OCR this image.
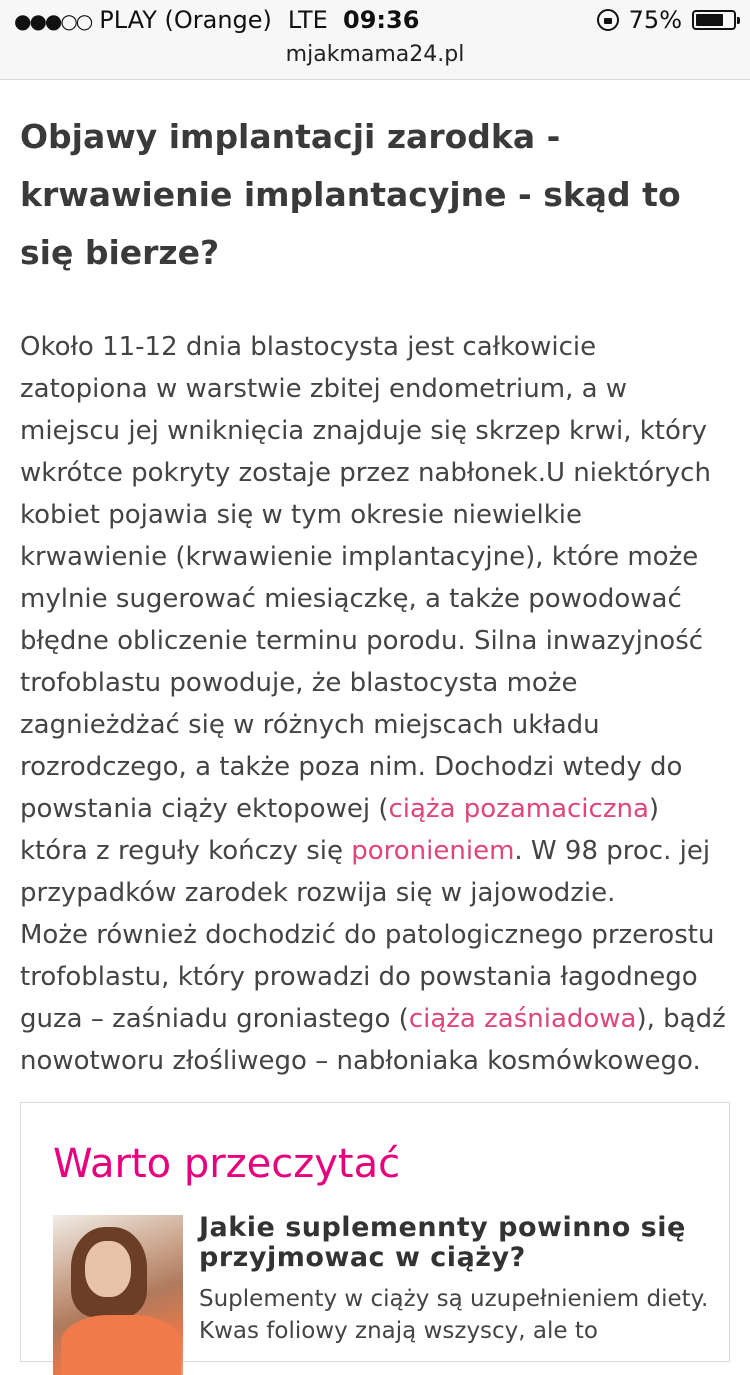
●●●○○ PLAY (Orange) LTE 09:36	75%
mjakmama24.pl
Objawy implantacji zarodka - krwawienie implantacyjne - skąd to się bierze?
Około 11-12 dnia blastocysta jest całkowicie zatopiona w warstwie zbitej endometrium, a w miejscu jej wniknięcia znajduje się skrzep krwi, który wkrótce pokryty zostaje przez nabłonek.U niektórych kobiet pojawia się w tym okresie niewielkie krwawienie (krwawienie implantacyjne), które może mylnie sugerować miesiączkę, a także powodować błędne obliczenie terminu porodu. Silna inwazyjność trofoblastu powoduje, że blastocysta może zagnieżdżać się w różnych miejscach układu rozrodczego, a także poza nim. Dochodzi wtedy do powstania ciąży ektopowej (ciąża pozamaciczna) która z reguły kończy się poronieniem. W 98 proc. jej przypadków zarodek rozwija się w jajowodzie.
Może również dochodzić do patologicznego przerostu trofoblastu, który prowadzi do powstania łagodnego guza – zaśniadu groniastego (ciąża zaśniadowa), bądź nowotworu złośliwego – nabłoniaka kosmówkowego.
Warto przeczytać
Jakie suplemennty powinno się przyjmowac w ciąży?
Suplementy w ciąży są uzupełnieniem diety. Kwas foliowy znają wszyscy, ale to
